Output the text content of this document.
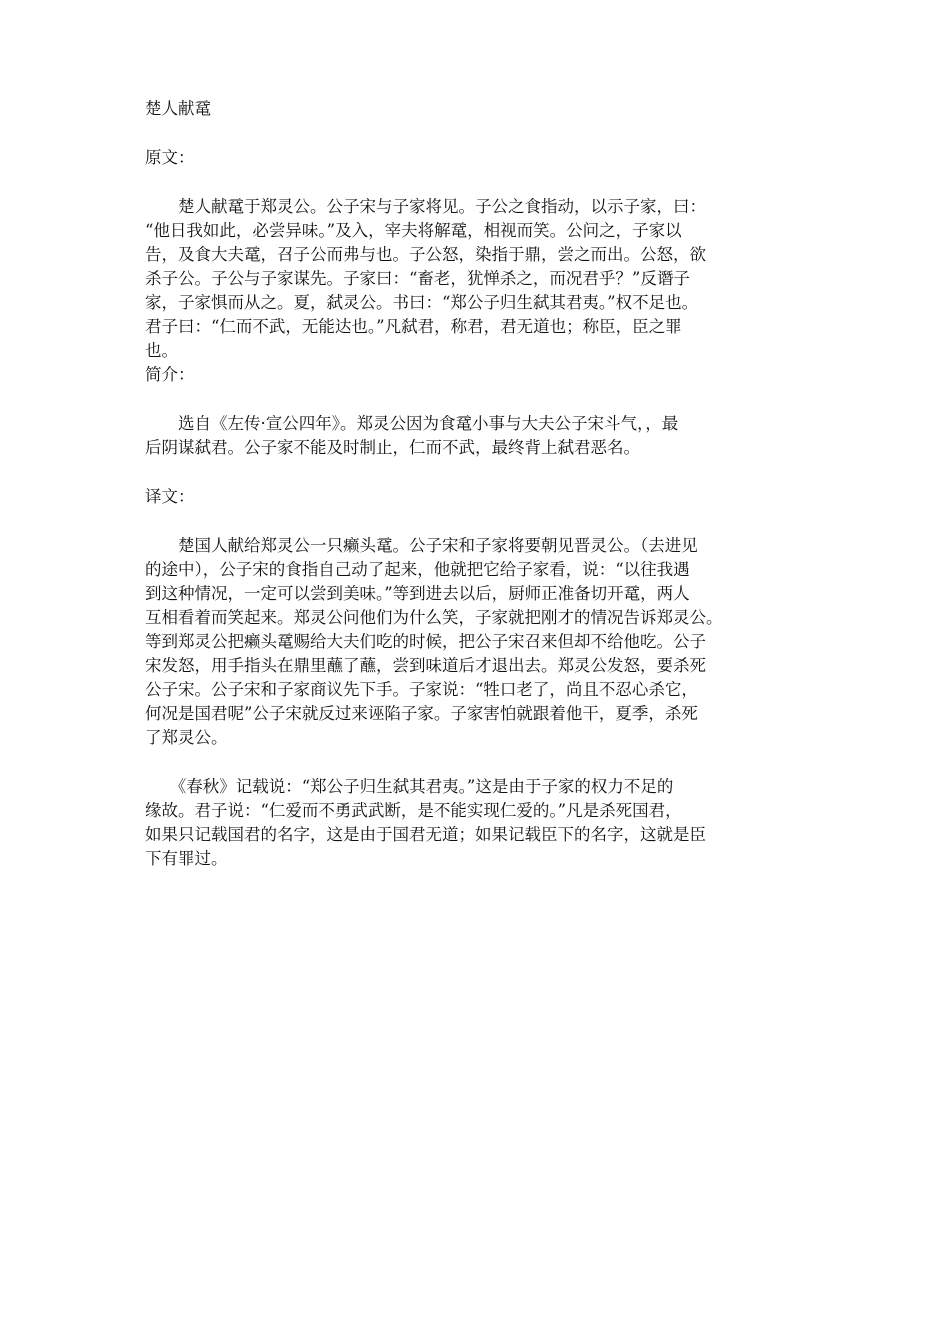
楚人献鼋
原文：
　　楚人献鼋于郑灵公。公子宋与子家将见。子公之食指动，以示子家，曰：
“他日我如此，必尝异味。”及入，宰夫将解鼋，相视而笑。公问之，子家以
告，及食大夫鼋，召子公而弗与也。子公怒，染指于鼎，尝之而出。公怒，欲
杀子公。子公与子家谋先。子家曰：“畜老，犹惮杀之，而况君乎？”反谮子
家，子家惧而从之。夏，弑灵公。书曰：“郑公子归生弑其君夷。”权不足也。
君子曰：“仁而不武，无能达也。”凡弑君，称君，君无道也；称臣，臣之罪
也。
简介：
　　选自《左传·宣公四年》。郑灵公因为食鼋小事与大夫公子宋斗气，，最
后阴谋弑君。公子家不能及时制止，仁而不武，最终背上弑君恶名。
译文：
　　楚国人献给郑灵公一只癞头鼋。公子宋和子家将要朝见晋灵公。（去进见
的途中），公子宋的食指自己动了起来，他就把它给子家看，说：“以往我遇
到这种情况，一定可以尝到美味。”等到进去以后，厨师正准备切开鼋，两人
互相看着而笑起来。郑灵公问他们为什么笑，子家就把刚才的情况告诉郑灵公。
等到郑灵公把癞头鼋赐给大夫们吃的时候，把公子宋召来但却不给他吃。公子
宋发怒，用手指头在鼎里蘸了蘸，尝到味道后才退出去。郑灵公发怒，要杀死
公子宋。公子宋和子家商议先下手。子家说：“牲口老了，尚且不忍心杀它，
何况是国君呢”公子宋就反过来诬陷子家。子家害怕就跟着他干，夏季，杀死
了郑灵公。
　　《春秋》记载说：“郑公子归生弑其君夷。”这是由于子家的权力不足的
缘故。君子说：“仁爱而不勇武武断，是不能实现仁爱的。”凡是杀死国君，
如果只记载国君的名字，这是由于国君无道；如果记载臣下的名字，这就是臣
下有罪过。
